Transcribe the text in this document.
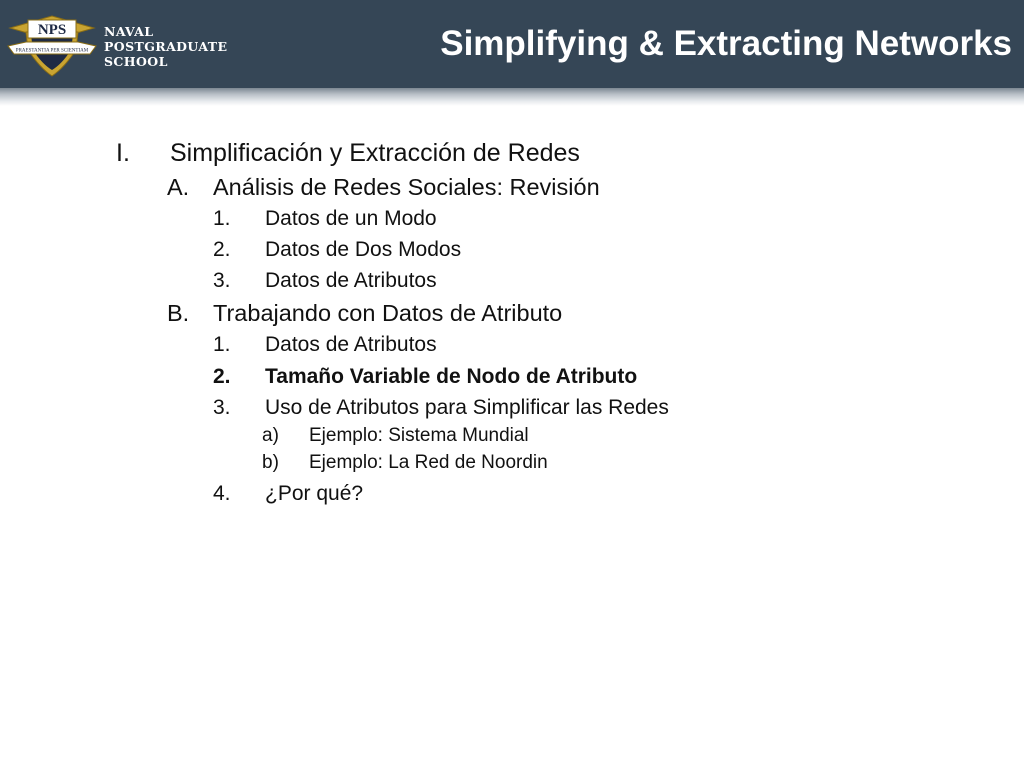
NPS
PRAESTANTIA PER SCIENTIAM
NAVAL
POSTGRADUATE
SCHOOL	Simplifying & Extracting Networks
I. Simplificación y Extracción de Redes
A. Análisis de Redes Sociales: Revisión
1. Datos de un Modo
2. Datos de Dos Modos
3. Datos de Atributos
B. Trabajando con Datos de Atributo
1. Datos de Atributos
2. Tamaño Variable de Nodo de Atributo
3. Uso de Atributos para Simplificar las Redes
a) Ejemplo: Sistema Mundial
b) Ejemplo: La Red de Noordin
4. ¿Por qué?
